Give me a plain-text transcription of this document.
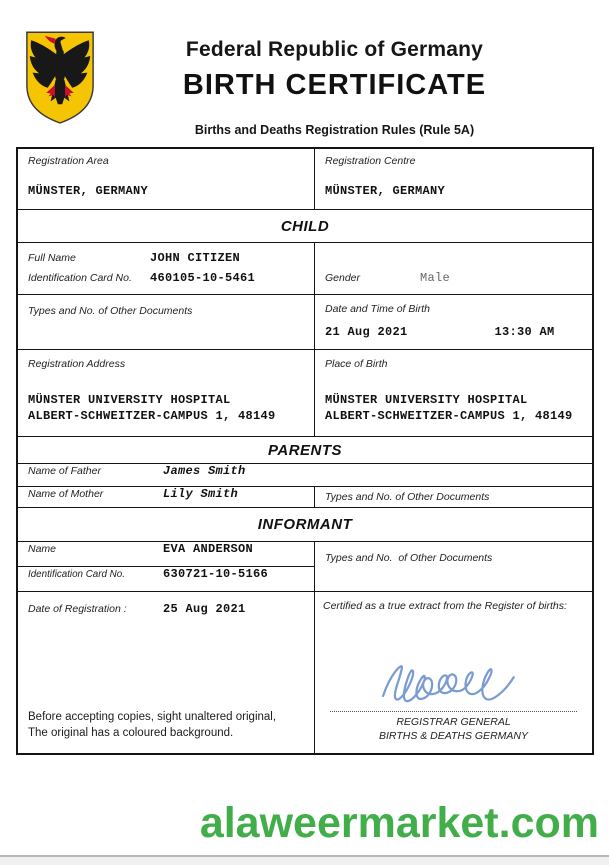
Federal Republic of Germany
BIRTH CERTIFICATE
Births and Deaths Registration Rules (Rule 5A)
Registration Area
MÜNSTER, GERMANY
Registration Centre
MÜNSTER, GERMANY
CHILD
Full Name	JOHN CITIZEN
Identification Card No.	460105-10-5461	Gender	Male
Types and No. of Other Documents	Date and Time of Birth
21 Aug 2021	13:30 AM
Registration Address
MÜNSTER UNIVERSITY HOSPITAL
ALBERT-SCHWEITZER-CAMPUS 1, 48149
Place of Birth
MÜNSTER UNIVERSITY HOSPITAL
ALBERT-SCHWEITZER-CAMPUS 1, 48149
PARENTS
Name of Father	James Smith
Name of Mother	Lily Smith	Types and No. of Other Documents
INFORMANT
Name	EVA ANDERSON
Identification Card No.	630721-10-5166
Types and No.  of Other Documents
Date of Registration :	25 Aug 2021
Before accepting copies, sight unaltered original,
The original has a coloured background.
Certified as a true extract from the Register of births:
REGISTRAR GENERAL
BIRTHS & DEATHS GERMANY
alaweermarket.com
